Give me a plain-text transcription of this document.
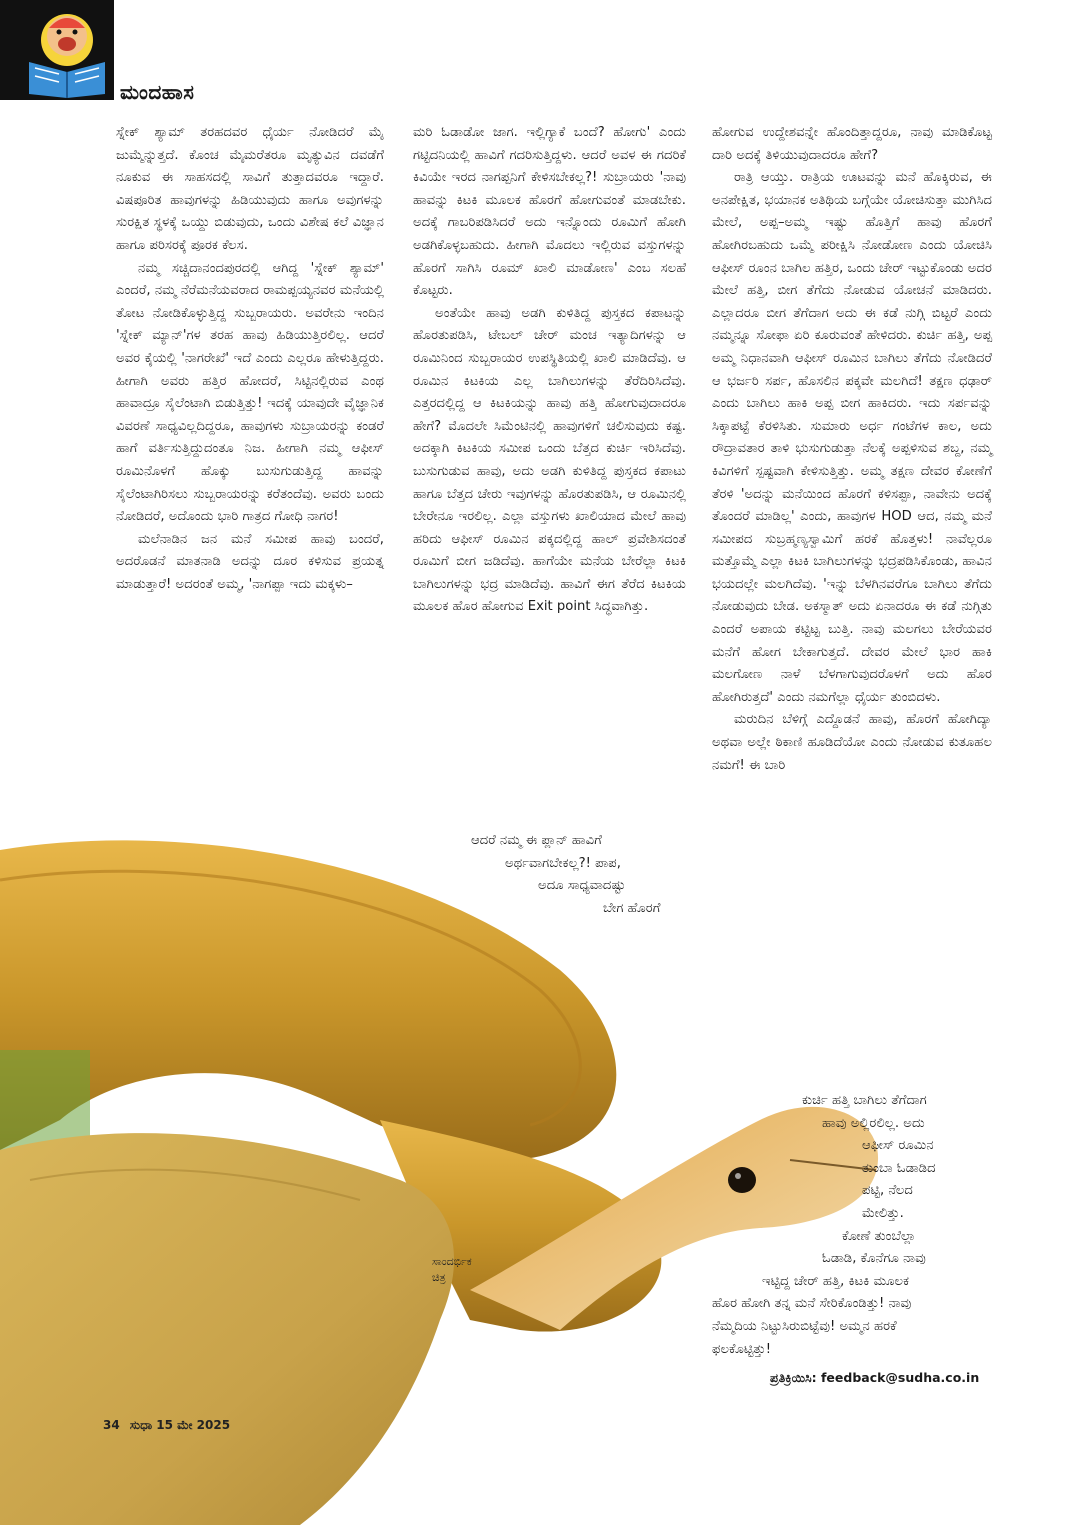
ಮಂದಹಾಸ

ಸ್ನೇಕ್ ಶ್ಯಾಮ್ ತರಹದವರ ಧೈರ್ಯ ನೋಡಿದರೆ ಮೈ ಜುಮ್ಮೆನ್ನುತ್ತದೆ. ಕೊಂಚ ಮೈಮರೆತರೂ ಮೃತ್ಯುವಿನ ದವಡೆಗೆ ನೂಕುವ ಈ ಸಾಹಸದಲ್ಲಿ ಸಾವಿಗೆ ತುತ್ತಾದವರೂ ಇದ್ದಾರೆ. ವಿಷಪೂರಿತ ಹಾವುಗಳನ್ನು ಹಿಡಿಯುವುದು ಹಾಗೂ ಅವುಗಳನ್ನು ಸುರಕ್ಷಿತ ಸ್ಥಳಕ್ಕೆ ಒಯ್ದು ಬಿಡುವುದು, ಒಂದು ವಿಶೇಷ ಕಲೆ ವಿಜ್ಞಾನ ಹಾಗೂ ಪರಿಸರಕ್ಕೆ ಪೂರಕ ಕೆಲಸ.

ನಮ್ಮ ಸಚ್ಚಿದಾನಂದಪುರದಲ್ಲಿ ಆಗಿದ್ದ 'ಸ್ನೇಕ್ ಶ್ಯಾಮ್' ಎಂದರೆ, ನಮ್ಮ ನೆರೆಮನೆಯವರಾದ ರಾಮಪ್ಪಯ್ಯನವರ ಮನೆಯಲ್ಲಿ ತೋಟ ನೋಡಿಕೊಳ್ಳುತ್ತಿದ್ದ ಸುಬ್ಬರಾಯರು. ಅವರೇನು ಇಂದಿನ 'ಸ್ನೇಕ್ ಮ್ಯಾನ್'ಗಳ ತರಹ ಹಾವು ಹಿಡಿಯುತ್ತಿರಲಿಲ್ಲ. ಆದರೆ ಅವರ ಕೈಯಲ್ಲಿ 'ನಾಗರೇಖೆ' ಇದೆ ಎಂದು ಎಲ್ಲರೂ ಹೇಳುತ್ತಿದ್ದರು. ಹೀಗಾಗಿ ಅವರು ಹತ್ತಿರ ಹೋದರೆ, ಸಿಟ್ಟಿನಲ್ಲಿರುವ ಎಂಥ ಹಾವಾದ್ರೂ ಸೈಲೆಂಟಾಗಿ ಬಿಡುತ್ತಿತ್ತು! ಇದಕ್ಕೆ ಯಾವುದೇ ವೈಜ್ಞಾನಿಕ ವಿವರಣೆ ಸಾಧ್ಯವಿಲ್ಲದಿದ್ದರೂ, ಹಾವುಗಳು ಸುಬ್ರಾಯರನ್ನು ಕಂಡರೆ ಹಾಗೆ ವರ್ತಿಸುತ್ತಿದ್ದುದಂತೂ ನಿಜ. ಹೀಗಾಗಿ ನಮ್ಮ ಆಫೀಸ್ ರೂಮಿನೊಳಗೆ ಹೊಕ್ಕು ಬುಸುಗುಡುತ್ತಿದ್ದ ಹಾವನ್ನು ಸೈಲೆಂಟಾಗಿರಿಸಲು ಸುಬ್ಬರಾಯರನ್ನು ಕರೆತಂದೆವು. ಅವರು ಬಂದು ನೋಡಿದರೆ, ಅದೊಂದು ಭಾರಿ ಗಾತ್ರದ ಗೋಧಿ ನಾಗರ!

ಮಲೆನಾಡಿನ ಜನ ಮನೆ ಸಮೀಪ ಹಾವು ಬಂದರೆ, ಅದರೊಡನೆ ಮಾತನಾಡಿ ಅದನ್ನು ದೂರ ಕಳಿಸುವ ಪ್ರಯತ್ನ ಮಾಡುತ್ತಾರೆ! ಅದರಂತೆ ಅಮ್ಮ, 'ನಾಗಪ್ಪಾ ಇದು ಮಕ್ಕಳು–

ಮರಿ ಓಡಾಡೋ ಜಾಗ. ಇಲ್ಲಿಗ್ಯಾಕೆ ಬಂದೆ? ಹೋಗು' ಎಂದು ಗಟ್ಟಿದನಿಯಲ್ಲಿ ಹಾವಿಗೆ ಗದರಿಸುತ್ತಿದ್ದಳು. ಆದರೆ ಅವಳ ಈ ಗದರಿಕೆ ಕಿವಿಯೇ ಇರದ ನಾಗಪ್ಪನಿಗೆ ಕೇಳಿಸಬೇಕಲ್ಲ?! ಸುಬ್ರಾಯರು 'ನಾವು ಹಾವನ್ನು ಕಿಟಕಿ ಮೂಲಕ ಹೊರಗೆ ಹೋಗುವಂತೆ ಮಾಡಬೇಕು. ಅದಕ್ಕೆ ಗಾಬರಿಪಡಿಸಿದರೆ ಅದು ಇನ್ನೊಂದು ರೂಮಿಗೆ ಹೋಗಿ ಅಡಗಿಕೊಳ್ಳಬಹುದು. ಹೀಗಾಗಿ ಮೊದಲು ಇಲ್ಲಿರುವ ವಸ್ತುಗಳನ್ನು ಹೊರಗೆ ಸಾಗಿಸಿ ರೂಮ್ ಖಾಲಿ ಮಾಡೋಣ' ಎಂಬ ಸಲಹೆ ಕೊಟ್ಟರು.

ಅಂತೆಯೇ ಹಾವು ಅಡಗಿ ಕುಳಿತಿದ್ದ ಪುಸ್ತಕದ ಕಪಾಟನ್ನು ಹೊರತುಪಡಿಸಿ, ಟೇಬಲ್ ಚೇರ್ ಮಂಚ ಇತ್ಯಾದಿಗಳನ್ನು ಆ ರೂಮಿನಿಂದ ಸುಬ್ಬರಾಯರ ಉಪಸ್ಥಿತಿಯಲ್ಲಿ ಖಾಲಿ ಮಾಡಿದೆವು. ಆ ರೂಮಿನ ಕಿಟಕಿಯ ಎಲ್ಲ ಬಾಗಿಲುಗಳನ್ನು ತೆರೆದಿರಿಸಿದೆವು. ಎತ್ತರದಲ್ಲಿದ್ದ ಆ ಕಿಟಕಿಯನ್ನು ಹಾವು ಹತ್ತಿ ಹೋಗುವುದಾದರೂ ಹೇಗೆ? ಮೊದಲೇ ಸಿಮೆಂಟಿನಲ್ಲಿ ಹಾವುಗಳಿಗೆ ಚಲಿಸುವುದು ಕಷ್ಟ. ಅದಕ್ಕಾಗಿ ಕಿಟಕಿಯ ಸಮೀಪ ಒಂದು ಬೆತ್ತದ ಕುರ್ಚಿ ಇರಿಸಿದೆವು. ಬುಸುಗುಡುವ ಹಾವು, ಅದು ಅಡಗಿ ಕುಳಿತಿದ್ದ ಪುಸ್ತಕದ ಕಪಾಟು ಹಾಗೂ ಬೆತ್ತದ ಚೇರು ಇವುಗಳನ್ನು ಹೊರತುಪಡಿಸಿ, ಆ ರೂಮಿನಲ್ಲಿ ಬೇರೇನೂ ಇರಲಿಲ್ಲ. ಎಲ್ಲಾ ವಸ್ತುಗಳು ಖಾಲಿಯಾದ ಮೇಲೆ ಹಾವು ಹರಿದು ಆಫೀಸ್ ರೂಮಿನ ಪಕ್ಕದಲ್ಲಿದ್ದ ಹಾಲ್ ಪ್ರವೇಶಿಸದಂತೆ ರೂಮಿಗೆ ಬೀಗ ಜಡಿದೆವು. ಹಾಗೆಯೇ ಮನೆಯ ಬೇರೆಲ್ಲಾ ಕಿಟಕಿ ಬಾಗಿಲುಗಳನ್ನು ಭದ್ರ ಮಾಡಿದೆವು. ಹಾವಿಗೆ ಈಗ ತೆರೆದ ಕಿಟಕಿಯ ಮೂಲಕ ಹೊರ ಹೋಗುವ Exit point ಸಿದ್ಧವಾಗಿತ್ತು.

ಸಾಂದರ್ಭಿಕ
ಚಿತ್ರ

ಆದರೆ ನಮ್ಮ ಈ ಪ್ಲಾನ್ ಹಾವಿಗೆ

ಅರ್ಥವಾಗಬೇಕಲ್ಲ?! ಪಾಪ,

ಅದೂ ಸಾಧ್ಯವಾದಷ್ಟು

ಬೇಗ ಹೊರಗೆ

ಹೋಗುವ ಉದ್ದೇಶವನ್ನೇ ಹೊಂದಿತ್ತಾದ್ದರೂ, ನಾವು ಮಾಡಿಕೊಟ್ಟ ದಾರಿ ಅದಕ್ಕೆ ತಿಳಿಯುವುದಾದರೂ ಹೇಗೆ?

ರಾತ್ರಿ ಆಯ್ತು. ರಾತ್ರಿಯ ಊಟವನ್ನು ಮನೆ ಹೊಕ್ಕಿರುವ, ಈ ಅನಪೇಕ್ಷಿತ, ಭಯಾನಕ ಅತಿಥಿಯ ಬಗ್ಗೆಯೇ ಯೋಚಿಸುತ್ತಾ ಮುಗಿಸಿದ ಮೇಲೆ, ಅಪ್ಪ–ಅಮ್ಮ ಇಷ್ಟು ಹೊತ್ತಿಗೆ ಹಾವು ಹೊರಗೆ ಹೋಗಿರಬಹುದು ಒಮ್ಮೆ ಪರೀಕ್ಷಿಸಿ ನೋಡೋಣ ಎಂದು ಯೋಚಿಸಿ ಆಫೀಸ್ ರೂಂನ ಬಾಗಿಲ ಹತ್ತಿರ, ಒಂದು ಚೇರ್ ಇಟ್ಟುಕೊಂಡು ಅದರ ಮೇಲೆ ಹತ್ತಿ, ಬೀಗ ತೆಗೆದು ನೋಡುವ ಯೋಚನೆ ಮಾಡಿದರು. ಎಲ್ಲಾದರೂ ಬೀಗ ತೆಗೆದಾಗ ಅದು ಈ ಕಡೆ ನುಗ್ಗಿ ಬಿಟ್ಟರೆ ಎಂದು ನಮ್ಮನ್ನೂ ಸೋಫಾ ಏರಿ ಕೂರುವಂತೆ ಹೇಳಿದರು. ಕುರ್ಚಿ ಹತ್ತಿ, ಅಪ್ಪ ಅಮ್ಮ ನಿಧಾನವಾಗಿ ಆಫೀಸ್ ರೂಮಿನ ಬಾಗಿಲು ತೆಗೆದು ನೋಡಿದರೆ ಆ ಭರ್ಜರಿ ಸರ್ಪ, ಹೊಸಲಿನ ಪಕ್ಕವೇ ಮಲಗಿದೆ! ತಕ್ಷಣ ಧಢಾರ್ ಎಂದು ಬಾಗಿಲು ಹಾಕಿ ಅಪ್ಪ ಬೀಗ ಹಾಕಿದರು. ಇದು ಸರ್ಪವನ್ನು ಸಿಕ್ಕಾಪಟ್ಟೆ ಕೆರಳಿಸಿತು. ಸುಮಾರು ಅರ್ಧ ಗಂಟೆಗಳ ಕಾಲ, ಅದು ರೌದ್ರಾವತಾರ ತಾಳಿ ಭುಸುಗುಡುತ್ತಾ ನೆಲಕ್ಕೆ ಅಪ್ಪಳಿಸುವ ಶಬ್ದ, ನಮ್ಮ ಕಿವಿಗಳಿಗೆ ಸ್ಪಷ್ಟವಾಗಿ ಕೇಳಿಸುತ್ತಿತ್ತು. ಅಮ್ಮ ತಕ್ಷಣ ದೇವರ ಕೋಣೆಗೆ ತೆರಳಿ 'ಅದನ್ನು ಮನೆಯಿಂದ ಹೊರಗೆ ಕಳಿಸಪ್ಪಾ, ನಾವೇನು ಅದಕ್ಕೆ ತೊಂದರೆ ಮಾಡಿಲ್ಲ' ಎಂದು, ಹಾವುಗಳ HOD ಆದ, ನಮ್ಮ ಮನೆ ಸಮೀಪದ ಸುಬ್ರಹ್ಮಣ್ಯಸ್ವಾಮಿಗೆ ಹರಕೆ ಹೊತ್ತಳು! ನಾವೆಲ್ಲರೂ ಮತ್ತೊಮ್ಮೆ ಎಲ್ಲಾ ಕಿಟಕಿ ಬಾಗಿಲುಗಳನ್ನು ಭದ್ರಪಡಿಸಿಕೊಂಡು, ಹಾವಿನ ಭಯದಲ್ಲೇ ಮಲಗಿದೆವು. 'ಇನ್ನು ಬೆಳಗಿನವರೆಗೂ ಬಾಗಿಲು ತೆಗೆದು ನೋಡುವುದು ಬೇಡ. ಅಕಸ್ಮಾತ್ ಅದು ಏನಾದರೂ ಈ ಕಡೆ ನುಗ್ಗಿತು ಎಂದರೆ ಅಪಾಯ ಕಟ್ಟಿಟ್ಟ ಬುತ್ತಿ. ನಾವು ಮಲಗಲು ಬೇರೆಯವರ ಮನೆಗೆ ಹೋಗ ಬೇಕಾಗುತ್ತದೆ. ದೇವರ ಮೇಲೆ ಭಾರ ಹಾಕಿ ಮಲಗೋಣ ನಾಳೆ ಬೆಳಗಾಗುವುದರೊಳಗೆ ಅದು ಹೊರ ಹೋಗಿರುತ್ತದೆ' ಎಂದು ನಮಗೆಲ್ಲಾ ಧೈರ್ಯ ತುಂಬಿದಳು.

ಮರುದಿನ ಬೆಳಿಗ್ಗೆ ಎದ್ದೊಡನೆ ಹಾವು, ಹೊರಗೆ ಹೋಗಿದ್ಯಾ ಅಥವಾ ಅಲ್ಲೇ ಠಿಕಾಣಿ ಹೂಡಿದೆಯೋ ಎಂದು ನೋಡುವ ಕುತೂಹಲ ನಮಗೆ! ಈ ಬಾರಿ

ಕುರ್ಚಿ ಹತ್ತಿ ಬಾಗಿಲು ತೆಗೆದಾಗ
ಹಾವು ಅಲ್ಲಿರಲಿಲ್ಲ. ಅದು
ಆಫೀಸ್ ರೂಮಿನ
ತುಂಬಾ ಓಡಾಡಿದ
ಪಟ್ಟಿ, ನೆಲದ
ಮೇಲಿತ್ತು.
ಕೋಣೆ ತುಂಬೆಲ್ಲಾ
ಓಡಾಡಿ, ಕೊನೆಗೂ ನಾವು
ಇಟ್ಟಿದ್ದ ಚೇರ್ ಹತ್ತಿ, ಕಿಟಕಿ ಮೂಲಕ
ಹೊರ ಹೋಗಿ ತನ್ನ ಮನೆ ಸೇರಿಕೊಂಡಿತ್ತು! ನಾವು
ನೆಮ್ಮದಿಯ ನಿಟ್ಟುಸಿರುಬಿಟ್ಟೆವು! ಅಮ್ಮನ ಹರಕೆ
ಫಲಕೊಟ್ಟಿತ್ತು!
ಪ್ರತಿಕ್ರಿಯಿಸಿ: feedback@sudha.co.in
34 ಸುಧಾ 15 ಮೇ 2025
